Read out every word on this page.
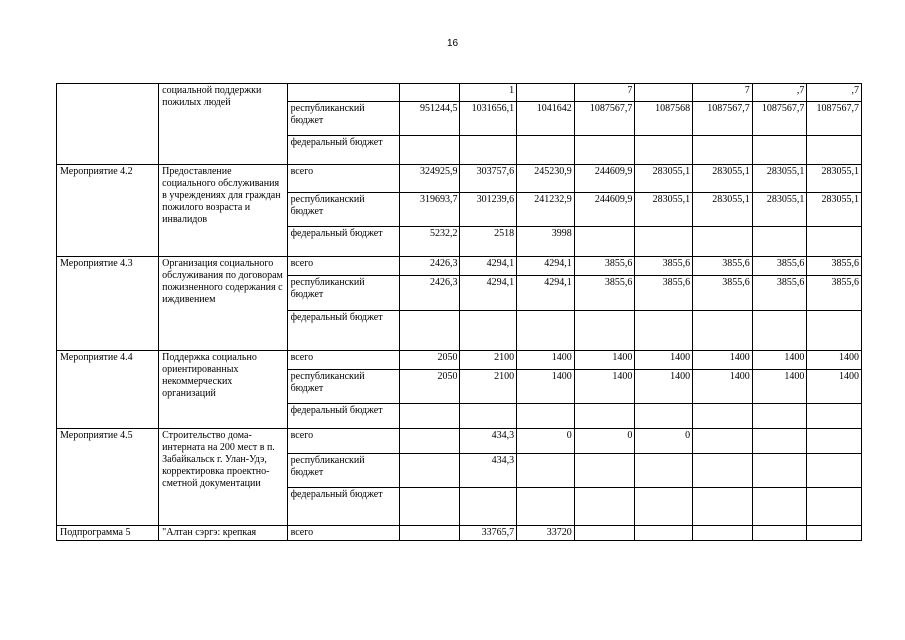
16
	социальной поддержки пожилых людей			1		7		7	,7	,7
		республиканский бюджет	951244,5	1031656,1	1041642	1087567,7	1087568	1087567,7	1087567,7	1087567,7
		федеральный бюджет								
Мероприятие 4.2	Предоставление социального обслуживания в учреждениях для граждан пожилого возраста и инвалидов	всего	324925,9	303757,6	245230,9	244609,9	283055,1	283055,1	283055,1	283055,1
		республиканский бюджет	319693,7	301239,6	241232,9	244609,9	283055,1	283055,1	283055,1	283055,1
		федеральный бюджет	5232,2	2518	3998					
Мероприятие 4.3	Организация социального обслуживания по договорам пожизненного содержания с иждивением	всего	2426,3	4294,1	4294,1	3855,6	3855,6	3855,6	3855,6	3855,6
		республиканский бюджет	2426,3	4294,1	4294,1	3855,6	3855,6	3855,6	3855,6	3855,6
		федеральный бюджет								
Мероприятие 4.4	Поддержка социально ориентированных некоммерческих организаций	всего	2050	2100	1400	1400	1400	1400	1400	1400
		республиканский бюджет	2050	2100	1400	1400	1400	1400	1400	1400
		федеральный бюджет								
Мероприятие 4.5	Строительство дома-интерната на 200 мест в п. Забайкальск г. Улан-Удэ, корректировка проектно-сметной документации	всего		434,3	0	0	0			
		республиканский бюджет		434,3						
		федеральный бюджет								
Подпрограмма 5	"Алтан сэргэ: крепкая	всего		33765,7	33720					
